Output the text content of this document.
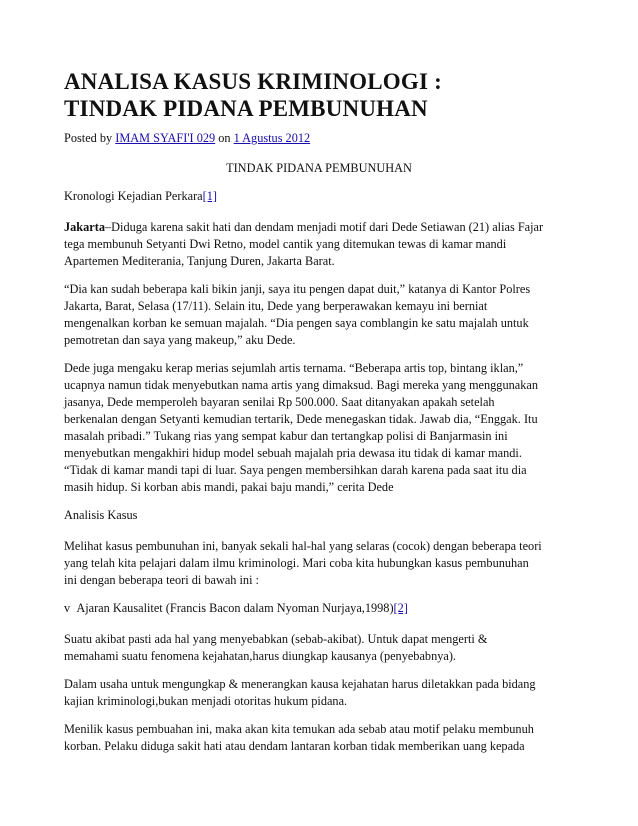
ANALISA KASUS KRIMINOLOGI :
TINDAK PIDANA PEMBUNUHAN

Posted by IMAM SYAFI'I 029 on 1 Agustus 2012

TINDAK PIDANA PEMBUNUHAN

Kronologi Kejadian Perkara[1]

Jakarta–Diduga karena sakit hati dan dendam menjadi motif dari Dede Setiawan (21) alias Fajar
tega membunuh Setyanti Dwi Retno, model cantik yang ditemukan tewas di kamar mandi
Apartemen Mediterania, Tanjung Duren, Jakarta Barat.

“Dia kan sudah beberapa kali bikin janji, saya itu pengen dapat duit,” katanya di Kantor Polres
Jakarta, Barat, Selasa (17/11). Selain itu, Dede yang berperawakan kemayu ini berniat
mengenalkan korban ke semuan majalah. “Dia pengen saya comblangin ke satu majalah untuk
pemotretan dan saya yang makeup,” aku Dede.

Dede juga mengaku kerap merias sejumlah artis ternama. “Beberapa artis top, bintang iklan,”
ucapnya namun tidak menyebutkan nama artis yang dimaksud. Bagi mereka yang menggunakan
jasanya, Dede memperoleh bayaran senilai Rp 500.000. Saat ditanyakan apakah setelah
berkenalan dengan Setyanti kemudian tertarik, Dede menegaskan tidak. Jawab dia, “Enggak. Itu
masalah pribadi.” Tukang rias yang sempat kabur dan tertangkap polisi di Banjarmasin ini
menyebutkan mengakhiri hidup model sebuah majalah pria dewasa itu tidak di kamar mandi.
“Tidak di kamar mandi tapi di luar. Saya pengen membersihkan darah karena pada saat itu dia
masih hidup. Si korban abis mandi, pakai baju mandi,” cerita Dede

Analisis Kasus

Melihat kasus pembunuhan ini, banyak sekali hal-hal yang selaras (cocok) dengan beberapa teori
yang telah kita pelajari dalam ilmu kriminologi. Mari coba kita hubungkan kasus pembunuhan
ini dengan beberapa teori di bawah ini :

v Ajaran Kausalitet (Francis Bacon dalam Nyoman Nurjaya,1998)[2]

Suatu akibat pasti ada hal yang menyebabkan (sebab-akibat). Untuk dapat mengerti &
memahami suatu fenomena kejahatan,harus diungkap kausanya (penyebabnya).

Dalam usaha untuk mengungkap & menerangkan kausa kejahatan harus diletakkan pada bidang
kajian kriminologi,bukan menjadi otoritas hukum pidana.

Menilik kasus pembuahan ini, maka akan kita temukan ada sebab atau motif pelaku membunuh
korban. Pelaku diduga sakit hati atau dendam lantaran korban tidak memberikan uang kepada
